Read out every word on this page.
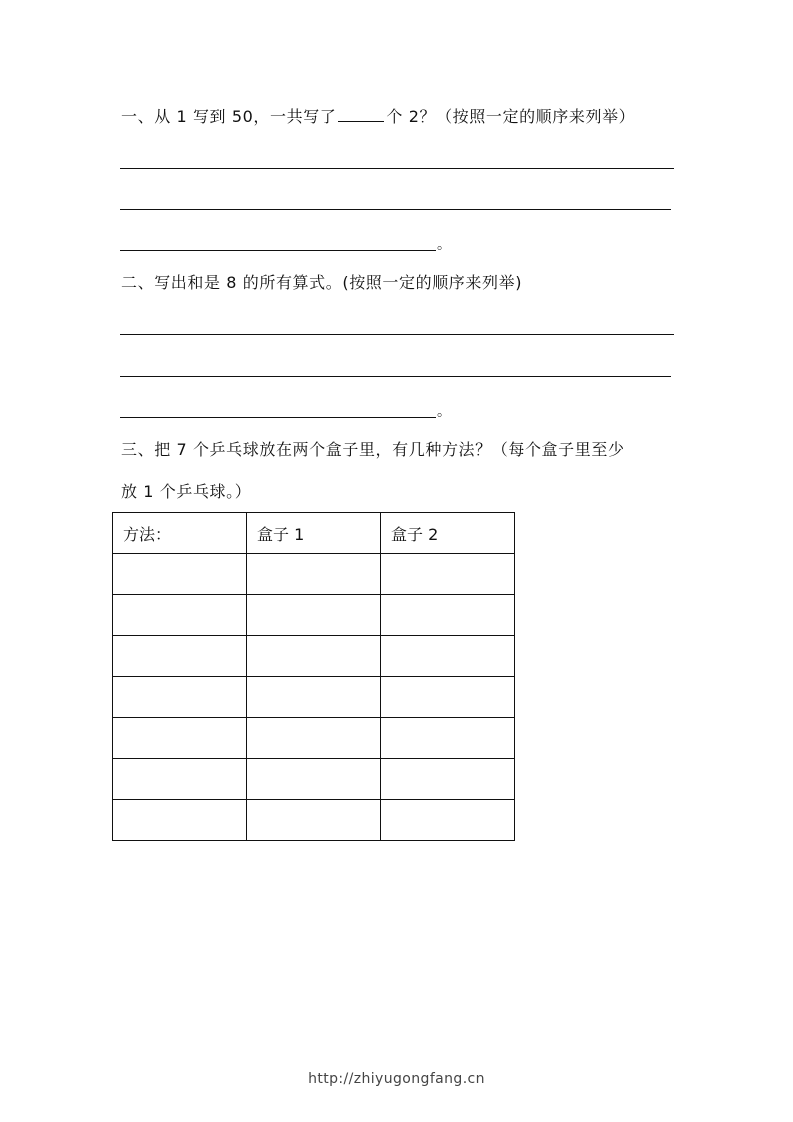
一、从 1 写到 50，一共写了	个 2？（按照一定的顺序来列举）
。
二、写出和是 8 的所有算式。(按照一定的顺序来列举)
。
三、把 7 个乒乓球放在两个盒子里，有几种方法？（每个盒子里至少
放 1 个乒乓球。）
方法：	盒子 1	盒子 2

http://zhiyugongfang.cn
